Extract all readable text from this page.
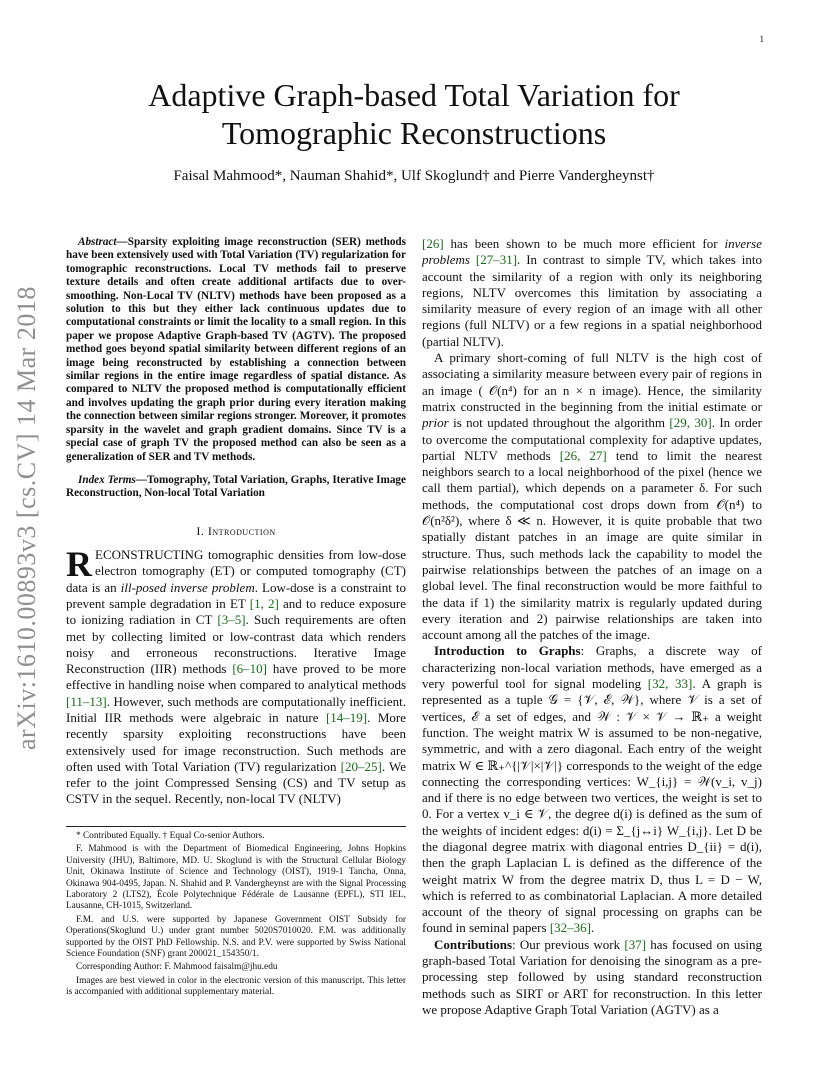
1
arXiv:1610.00893v3 [cs.CV] 14 Mar 2018
Adaptive Graph-based Total Variation for
Tomographic Reconstructions
Faisal Mahmood*, Nauman Shahid*, Ulf Skoglund† and Pierre Vandergheynst†

Abstract—Sparsity exploiting image reconstruction (SER) methods have been extensively used with Total Variation (TV) regularization for tomographic reconstructions. Local TV methods fail to preserve texture details and often create additional artifacts due to over-smoothing. Non-Local TV (NLTV) methods have been proposed as a solution to this but they either lack continuous updates due to computational constraints or limit the locality to a small region. In this paper we propose Adaptive Graph-based TV (AGTV). The proposed method goes beyond spatial similarity between different regions of an image being reconstructed by establishing a connection between similar regions in the entire image regardless of spatial distance. As compared to NLTV the proposed method is computationally efficient and involves updating the graph prior during every iteration making the connection between similar regions stronger. Moreover, it promotes sparsity in the wavelet and graph gradient domains. Since TV is a special case of graph TV the proposed method can also be seen as a generalization of SER and TV methods.

Index Terms—Tomography, Total Variation, Graphs, Iterative Image Reconstruction, Non-local Total Variation

I. Introduction

RECONSTRUCTING tomographic densities from low-dose electron tomography (ET) or computed tomography (CT) data is an ill-posed inverse problem. Low-dose is a constraint to prevent sample degradation in ET [1, 2] and to reduce exposure to ionizing radiation in CT [3–5]. Such requirements are often met by collecting limited or low-contrast data which renders noisy and erroneous reconstructions. Iterative Image Reconstruction (IIR) methods [6–10] have proved to be more effective in handling noise when compared to analytical methods [11–13]. However, such methods are computationally inefficient. Initial IIR methods were algebraic in nature [14–19]. More recently sparsity exploiting reconstructions have been extensively used for image reconstruction. Such methods are often used with Total Variation (TV) regularization [20–25]. We refer to the joint Compressed Sensing (CS) and TV setup as CSTV in the sequel. Recently, non-local TV (NLTV)

* Contributed Equally. † Equal Co-senior Authors.

F. Mahmood is with the Department of Biomedical Engineering, Johns Hopkins University (JHU), Baltimore, MD. U. Skoglund is with the Structural Cellular Biology Unit, Okinawa Institute of Science and Technology (OIST), 1919-1 Tancha, Onna, Okinawa 904-0495, Japan. N. Shahid and P. Vandergheynst are with the Signal Processing Laboratory 2 (LTS2), École Polytechnique Fédérale de Lausanne (EPFL), STI IEL, Lausanne, CH-1015, Switzerland.

F.M. and U.S. were supported by Japanese Government OIST Subsidy for Operations(Skoglund U.) under grant number 5020S7010020. F.M. was additionally supported by the OIST PhD Fellowship. N.S. and P.V. were supported by Swiss National Science Foundation (SNF) grant 200021_154350/1.

Corresponding Author: F. Mahmood faisalm@jhu.edu

Images are best viewed in color in the electronic version of this manuscript. This letter is accompanied with additional supplementary material.

[26] has been shown to be much more efficient for inverse problems [27–31]. In contrast to simple TV, which takes into account the similarity of a region with only its neighboring regions, NLTV overcomes this limitation by associating a similarity measure of every region of an image with all other regions (full NLTV) or a few regions in a spatial neighborhood (partial NLTV).

A primary short-coming of full NLTV is the high cost of associating a similarity measure between every pair of regions in an image ( 𝒪(n⁴) for an n × n image). Hence, the similarity matrix constructed in the beginning from the initial estimate or prior is not updated throughout the algorithm [29, 30]. In order to overcome the computational complexity for adaptive updates, partial NLTV methods [26, 27] tend to limit the nearest neighbors search to a local neighborhood of the pixel (hence we call them partial), which depends on a parameter δ. For such methods, the computational cost drops down from 𝒪(n⁴) to 𝒪(n²δ²), where δ ≪ n. However, it is quite probable that two spatially distant patches in an image are quite similar in structure. Thus, such methods lack the capability to model the pairwise relationships between the patches of an image on a global level. The final reconstruction would be more faithful to the data if 1) the similarity matrix is regularly updated during every iteration and 2) pairwise relationships are taken into account among all the patches of the image.

Introduction to Graphs: Graphs, a discrete way of characterizing non-local variation methods, have emerged as a very powerful tool for signal modeling [32, 33]. A graph is represented as a tuple 𝒢 = {𝒱, ℰ, 𝒲}, where 𝒱 is a set of vertices, ℰ a set of edges, and 𝒲 : 𝒱 × 𝒱 → ℝ₊ a weight function. The weight matrix W is assumed to be non-negative, symmetric, and with a zero diagonal. Each entry of the weight matrix W ∈ ℝ₊^{|𝒱|×|𝒱|} corresponds to the weight of the edge connecting the corresponding vertices: W_{i,j} = 𝒲(v_i, v_j) and if there is no edge between two vertices, the weight is set to 0. For a vertex v_i ∈ 𝒱, the degree d(i) is defined as the sum of the weights of incident edges: d(i) = Σ_{j↔i} W_{i,j}. Let D be the diagonal degree matrix with diagonal entries D_{ii} = d(i), then the graph Laplacian L is defined as the difference of the weight matrix W from the degree matrix D, thus L = D − W, which is referred to as combinatorial Laplacian. A more detailed account of the theory of signal processing on graphs can be found in seminal papers [32–36].

Contributions: Our previous work [37] has focused on using graph-based Total Variation for denoising the sinogram as a pre-processing step followed by using standard reconstruction methods such as SIRT or ART for reconstruction. In this letter we propose Adaptive Graph Total Variation (AGTV) as a
